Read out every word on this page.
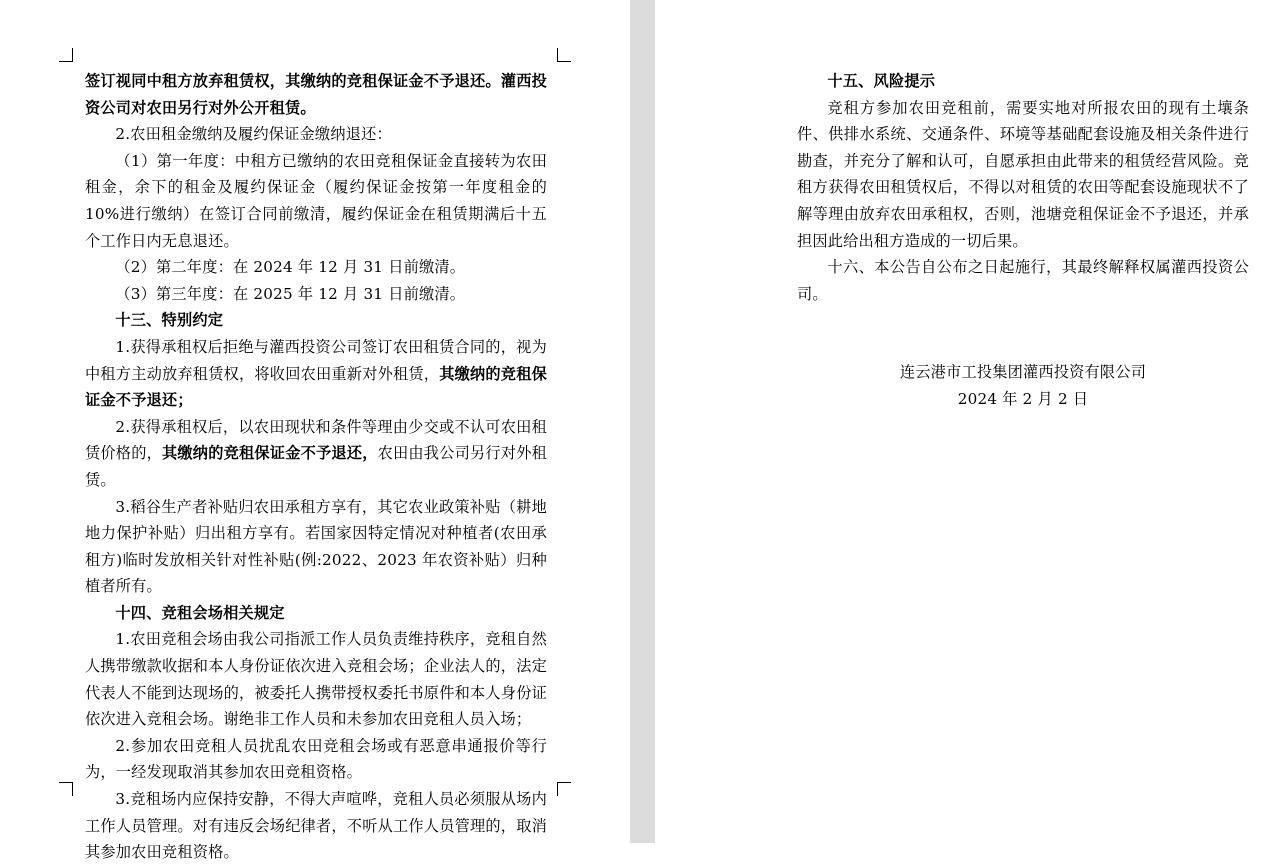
签订视同中租方放弃租赁权，其缴纳的竞租保证金不予退还。灌西投资公司对农田另行对外公开租赁。

2.农田租金缴纳及履约保证金缴纳退还：

（1）第一年度：中租方已缴纳的农田竞租保证金直接转为农田租金，余下的租金及履约保证金（履约保证金按第一年度租金的10%进行缴纳）在签订合同前缴清，履约保证金在租赁期满后十五个工作日内无息退还。

（2）第二年度：在 2024 年 12 月 31 日前缴清。

（3）第三年度：在 2025 年 12 月 31 日前缴清。

十三、特别约定

1.获得承租权后拒绝与灌西投资公司签订农田租赁合同的，视为中租方主动放弃租赁权，将收回农田重新对外租赁，其缴纳的竞租保证金不予退还；

2.获得承租权后，以农田现状和条件等理由少交或不认可农田租赁价格的，其缴纳的竞租保证金不予退还，农田由我公司另行对外租赁。

3.稻谷生产者补贴归农田承租方享有，其它农业政策补贴（耕地地力保护补贴）归出租方享有。若国家因特定情况对种植者(农田承租方)临时发放相关针对性补贴(例:2022、2023 年农资补贴）归种植者所有。

十四、竞租会场相关规定

1.农田竞租会场由我公司指派工作人员负责维持秩序，竞租自然人携带缴款收据和本人身份证依次进入竞租会场；企业法人的，法定代表人不能到达现场的，被委托人携带授权委托书原件和本人身份证依次进入竞租会场。谢绝非工作人员和未参加农田竞租人员入场；

2.参加农田竞租人员扰乱农田竞租会场或有恶意串通报价等行为，一经发现取消其参加农田竞租资格。

3.竞租场内应保持安静，不得大声喧哗，竞租人员必须服从场内工作人员管理。对有违反会场纪律者，不听从工作人员管理的，取消其参加农田竞租资格。

十五、风险提示

竞租方参加农田竞租前，需要实地对所报农田的现有土壤条件、供排水系统、交通条件、环境等基础配套设施及相关条件进行勘查，并充分了解和认可，自愿承担由此带来的租赁经营风险。竞租方获得农田租赁权后，不得以对租赁的农田等配套设施现状不了解等理由放弃农田承租权，否则，池塘竞租保证金不予退还，并承担因此给出租方造成的一切后果。

十六、本公告自公布之日起施行，其最终解释权属灌西投资公司。

连云港市工投集团灌西投资有限公司

2024 年 2 月 2 日
